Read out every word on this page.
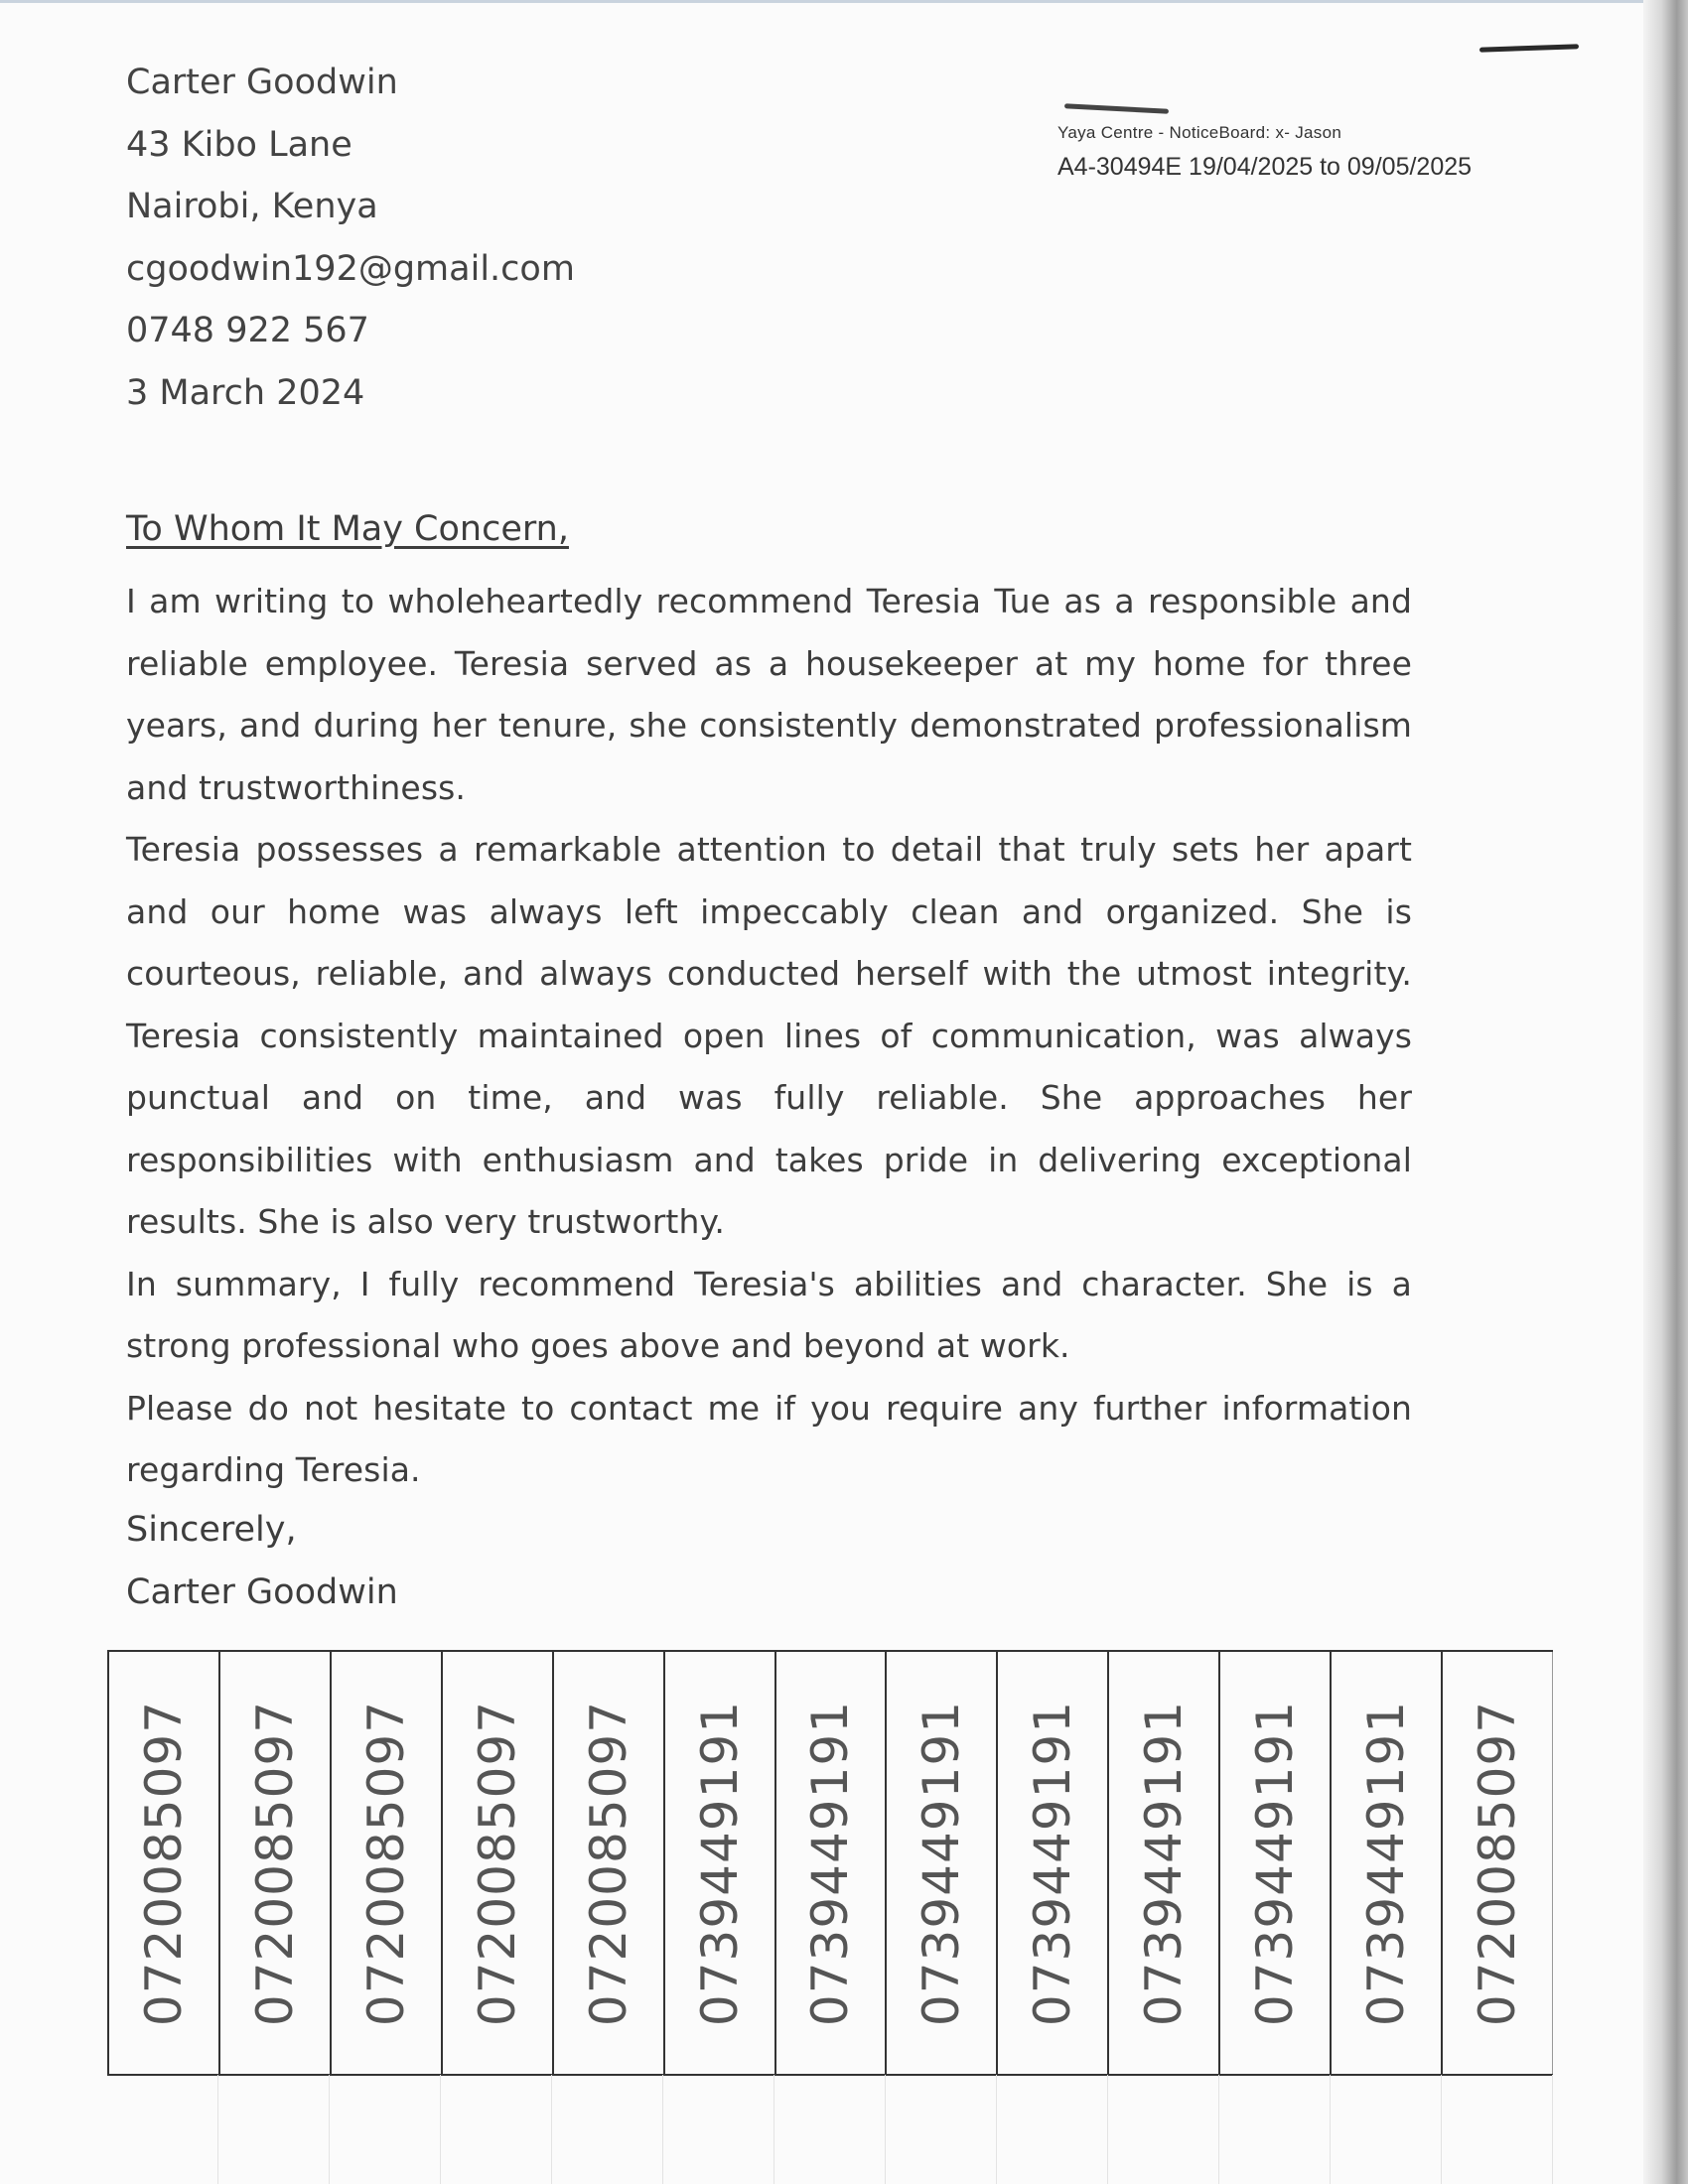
Carter Goodwin
43 Kibo Lane
Nairobi, Kenya
cgoodwin192@gmail.com
0748 922 567
3 March 2024
Yaya Centre - NoticeBoard: x- Jason
A4-30494E 19/04/2025 to 09/05/2025
To Whom It May Concern,

I am writing to wholeheartedly recommend Teresia Tue as a responsible and reliable employee. Teresia served as a housekeeper at my home for three years, and during her tenure, she consistently demonstrated professionalism and trustworthiness.

Teresia possesses a remarkable attention to detail that truly sets her apart and our home was always left impeccably clean and organized. She is courteous, reliable, and always conducted herself with the utmost integrity. Teresia consistently maintained open lines of communication, was always punctual and on time, and was fully reliable. She approaches her responsibilities with enthusiasm and takes pride in delivering exceptional results. She is also very trustworthy.

In summary, I fully recommend Teresia's abilities and character. She is a strong professional who goes above and beyond at work.

Please do not hesitate to contact me if you require any further information regarding Teresia.

Sincerely,
Carter Goodwin
0720085097 0720085097 0720085097 0720085097 0720085097 0739449191 0739449191 0739449191 0739449191 0739449191 0739449191 0739449191 0720085097
